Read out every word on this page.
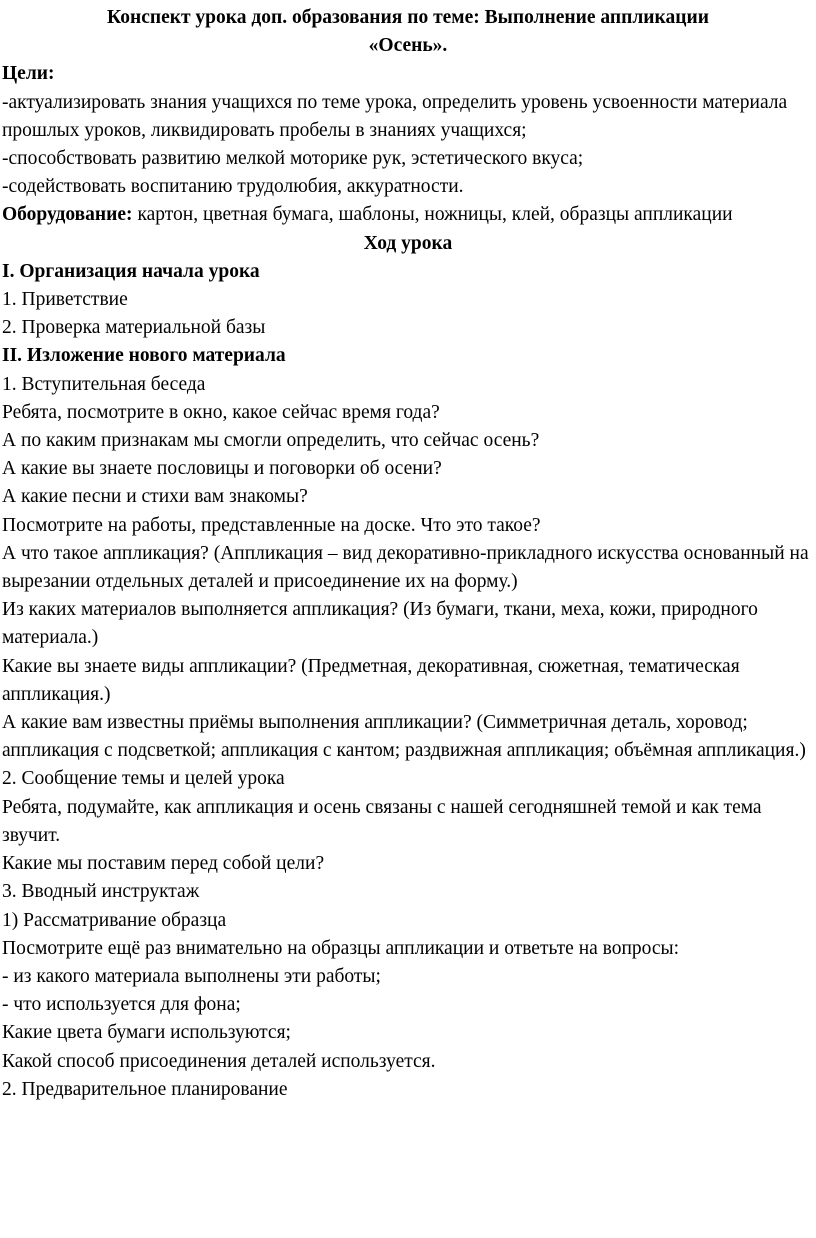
Конспект урока доп. образования по теме: Выполнение аппликации
«Осень».

Цели:

-актуализировать знания учащихся по теме урока, определить уровень усвоенности материала прошлых уроков, ликвидировать пробелы в знаниях учащихся;

-способствовать развитию мелкой моторике рук, эстетического вкуса;

-содействовать воспитанию трудолюбия, аккуратности.

Оборудование: картон, цветная бумага, шаблоны, ножницы, клей, образцы аппликации

Ход урока

I. Организация начала урока

1. Приветствие

2. Проверка материальной базы

II. Изложение нового материала

1. Вступительная беседа

Ребята, посмотрите в окно, какое сейчас время года?

А по каким признакам мы смогли определить, что сейчас осень?

А какие вы знаете пословицы и поговорки об осени?

А какие песни и стихи вам знакомы?

Посмотрите на работы, представленные на доске. Что это такое?

А что такое аппликация? (Аппликация – вид декоративно-прикладного искусства основанный на вырезании отдельных деталей и присоединение их на форму.)

Из каких материалов выполняется аппликация? (Из бумаги, ткани, меха, кожи, природного материала.)

Какие вы знаете виды аппликации? (Предметная, декоративная, сюжетная, тематическая аппликация.)

А какие вам известны приёмы выполнения аппликации? (Симметричная деталь, хоровод; аппликация с подсветкой; аппликация с кантом; раздвижная аппликация; объёмная аппликация.)

2. Сообщение темы и целей урока

Ребята, подумайте, как аппликация и осень связаны с нашей сегодняшней темой и как тема звучит.

Какие мы поставим перед собой цели?

3. Вводный инструктаж

1) Рассматривание образца

Посмотрите ещё раз внимательно на образцы аппликации и ответьте на вопросы:

- из какого материала выполнены эти работы;

- что используется для фона;

Какие цвета бумаги используются;

Какой способ присоединения деталей используется.

2. Предварительное планирование
